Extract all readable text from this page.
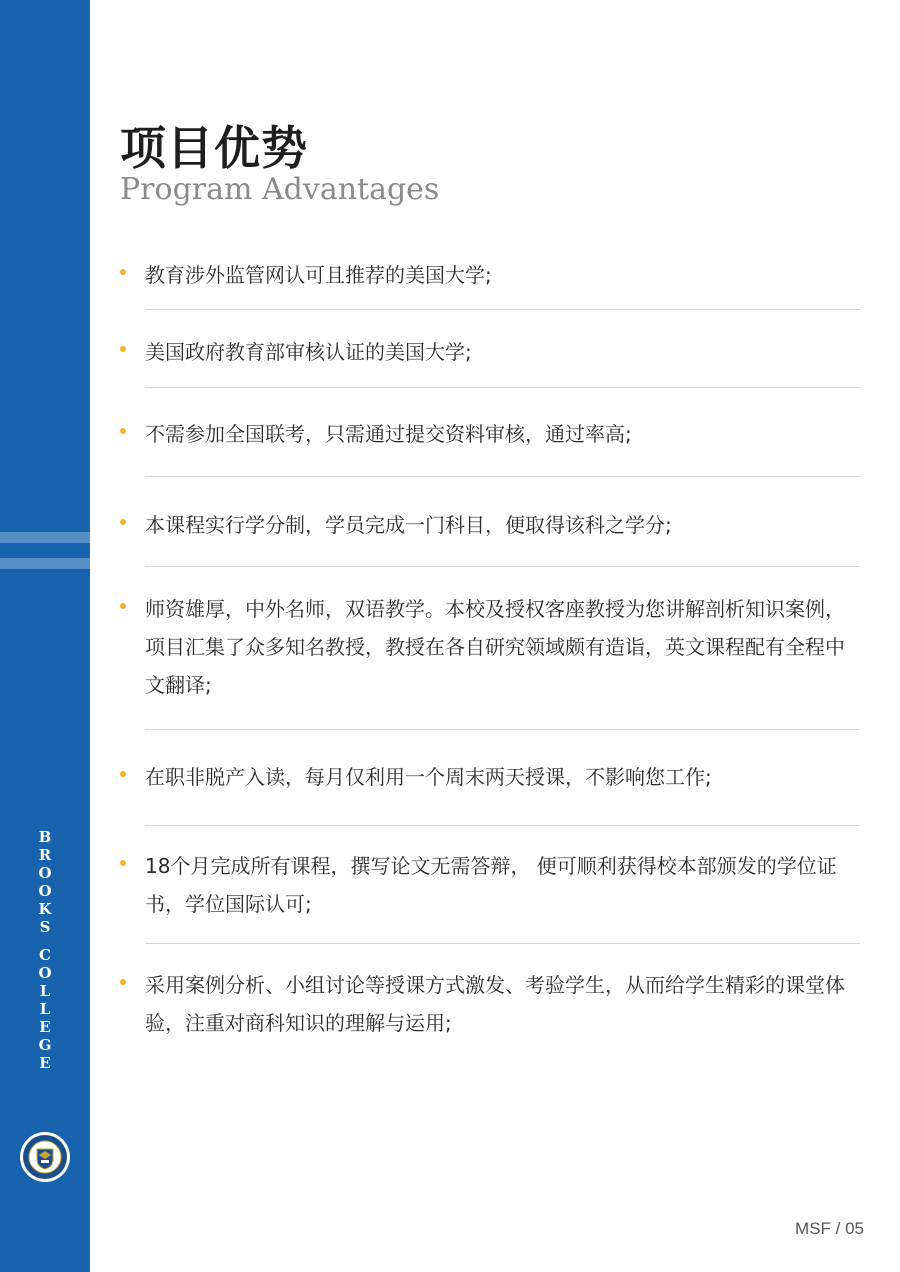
B
R
O
O
K
S
C
O
L
L
E
G
E
项目优势

Program Advantages

教育涉外监管网认可且推荐的美国大学;
美国政府教育部审核认证的美国大学;
不需参加全国联考，只需通过提交资料审核，通过率高;
本课程实行学分制，学员完成一门科目，便取得该科之学分;
师资雄厚，中外名师，双语教学。本校及授权客座教授为您讲解剖析知识案例，项目汇集了众多知名教授，教授在各自研究领域颇有造诣，英文课程配有全程中文翻译;
在职非脱产入读，每月仅利用一个周末两天授课，不影响您工作;
18个月完成所有课程，撰写论文无需答辩， 便可顺利获得校本部颁发的学位证书，学位国际认可;
采用案例分析、小组讨论等授课方式激发、考验学生，从而给学生精彩的课堂体验，注重对商科知识的理解与运用;
MSF / 05
